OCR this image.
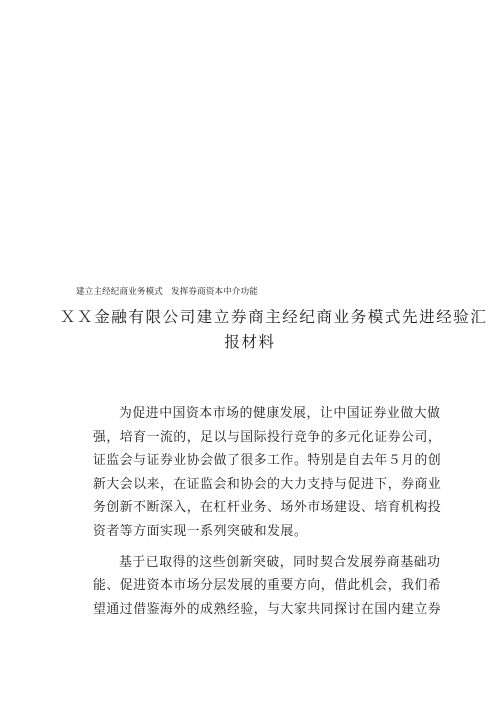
建立主经纪商业务模式 发挥券商资本中介功能
ＸＸ金融有限公司建立券商主经纪商业务模式先进经验汇
报材料
为促进中国资本市场的健康发展，让中国证券业做大做
强，培育一流的，足以与国际投行竞争的多元化证券公司，
证监会与证券业协会做了很多工作。特别是自去年５月的创
新大会以来，在证监会和协会的大力支持与促进下，券商业
务创新不断深入，在杠杆业务、场外市场建设、培育机构投
资者等方面实现一系列突破和发展。
基于已取得的这些创新突破，同时契合发展券商基础功
能、促进资本市场分层发展的重要方向，借此机会，我们希
望通过借鉴海外的成熟经验，与大家共同探讨在国内建立券
